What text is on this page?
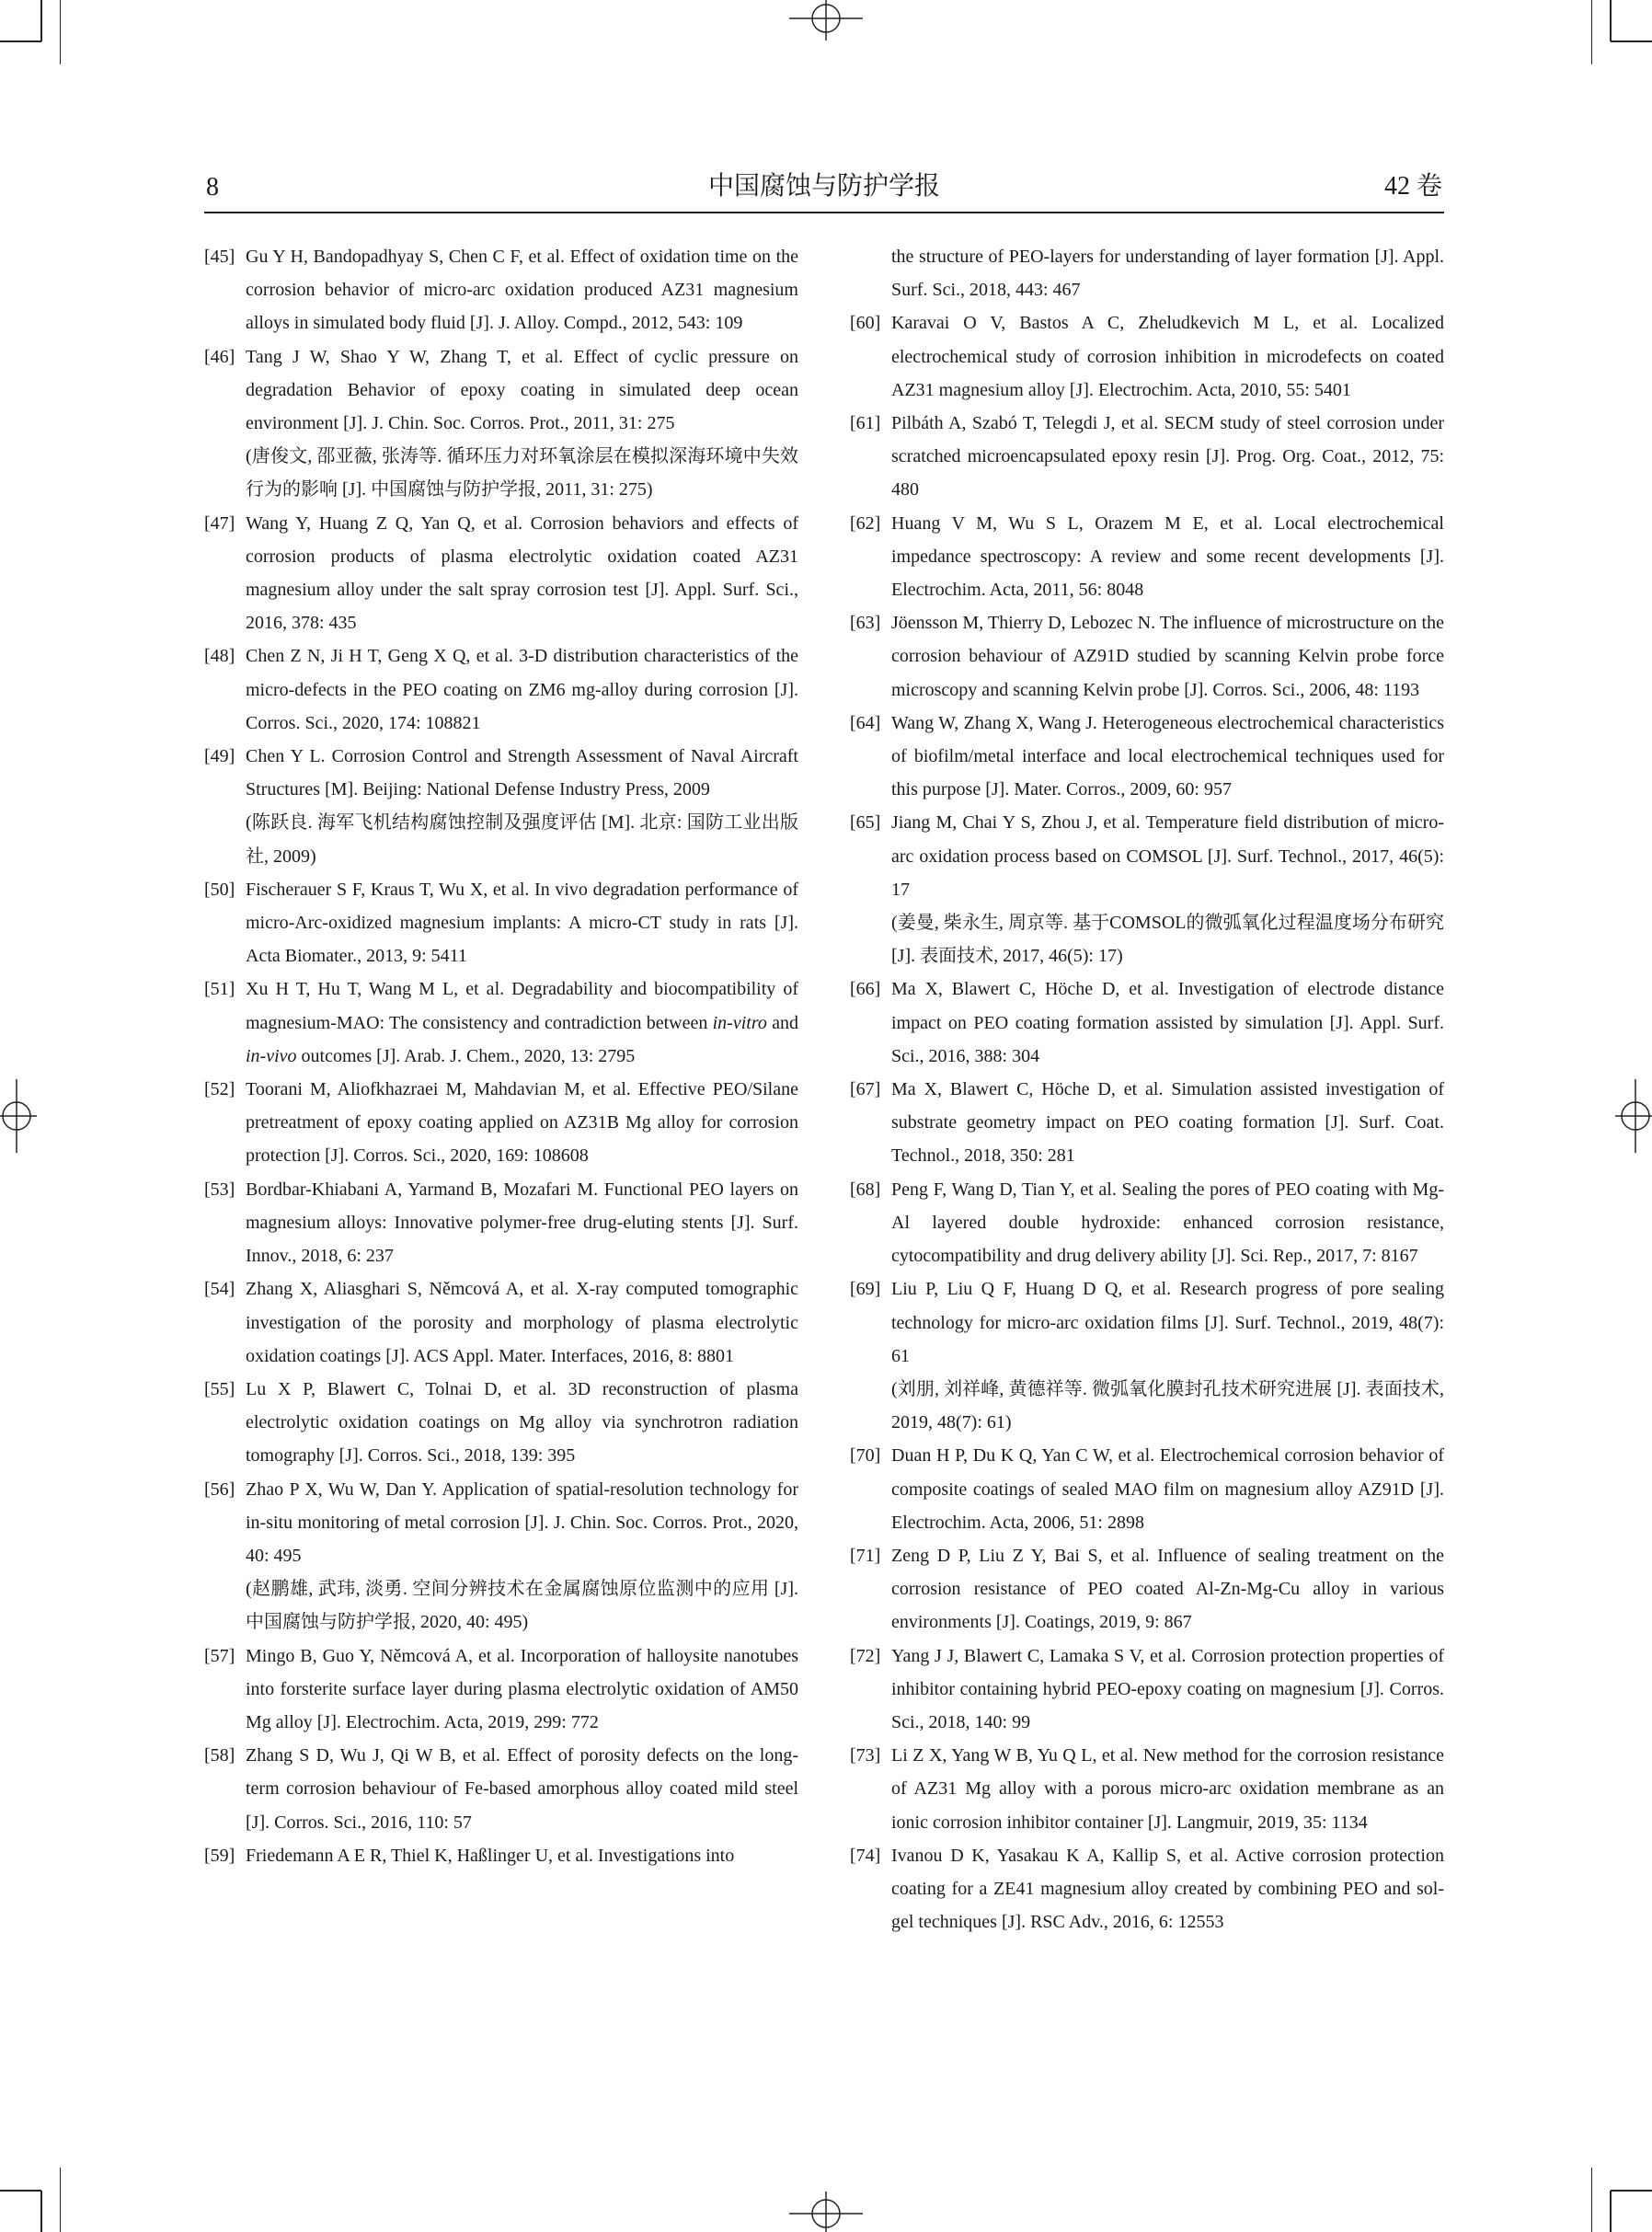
8	中国腐蚀与防护学报	42 卷
[45] Gu Y H, Bandopadhyay S, Chen C F, et al. Effect of oxidation time on the corrosion behavior of micro-arc oxidation produced AZ31 magnesium alloys in simulated body fluid [J]. J. Alloy. Compd., 2012, 543: 109
[46] Tang J W, Shao Y W, Zhang T, et al. Effect of cyclic pressure on degradation Behavior of epoxy coating in simulated deep ocean environment [J]. J. Chin. Soc. Corros. Prot., 2011, 31: 275
(唐俊文, 邵亚薇, 张涛等. 循环压力对环氧涂层在模拟深海环境中失效行为的影响 [J]. 中国腐蚀与防护学报, 2011, 31: 275)
[47] Wang Y, Huang Z Q, Yan Q, et al. Corrosion behaviors and effects of corrosion products of plasma electrolytic oxidation coated AZ31 magnesium alloy under the salt spray corrosion test [J]. Appl. Surf. Sci., 2016, 378: 435
[48] Chen Z N, Ji H T, Geng X Q, et al. 3-D distribution characteristics of the micro-defects in the PEO coating on ZM6 mg-alloy during corrosion [J]. Corros. Sci., 2020, 174: 108821
[49] Chen Y L. Corrosion Control and Strength Assessment of Naval Aircraft Structures [M]. Beijing: National Defense Industry Press, 2009
(陈跃良. 海军飞机结构腐蚀控制及强度评估 [M]. 北京: 国防工业出版社, 2009)
[50] Fischerauer S F, Kraus T, Wu X, et al. In vivo degradation performance of micro-Arc-oxidized magnesium implants: A micro-CT study in rats [J]. Acta Biomater., 2013, 9: 5411
[51] Xu H T, Hu T, Wang M L, et al. Degradability and biocompatibility of magnesium-MAO: The consistency and contradiction between in-vitro and in-vivo outcomes [J]. Arab. J. Chem., 2020, 13: 2795
[52] Toorani M, Aliofkhazraei M, Mahdavian M, et al. Effective PEO/Silane pretreatment of epoxy coating applied on AZ31B Mg alloy for corrosion protection [J]. Corros. Sci., 2020, 169: 108608
[53] Bordbar-Khiabani A, Yarmand B, Mozafari M. Functional PEO layers on magnesium alloys: Innovative polymer-free drug-eluting stents [J]. Surf. Innov., 2018, 6: 237
[54] Zhang X, Aliasghari S, Němcová A, et al. X-ray computed tomographic investigation of the porosity and morphology of plasma electrolytic oxidation coatings [J]. ACS Appl. Mater. Interfaces, 2016, 8: 8801
[55] Lu X P, Blawert C, Tolnai D, et al. 3D reconstruction of plasma electrolytic oxidation coatings on Mg alloy via synchrotron radiation tomography [J]. Corros. Sci., 2018, 139: 395
[56] Zhao P X, Wu W, Dan Y. Application of spatial-resolution technology for in-situ monitoring of metal corrosion [J]. J. Chin. Soc. Corros. Prot., 2020, 40: 495
(赵鹏雄, 武玮, 淡勇. 空间分辨技术在金属腐蚀原位监测中的应用 [J]. 中国腐蚀与防护学报, 2020, 40: 495)
[57] Mingo B, Guo Y, Němcová A, et al. Incorporation of halloysite nanotubes into forsterite surface layer during plasma electrolytic oxidation of AM50 Mg alloy [J]. Electrochim. Acta, 2019, 299: 772
[58] Zhang S D, Wu J, Qi W B, et al. Effect of porosity defects on the long-term corrosion behaviour of Fe-based amorphous alloy coated mild steel [J]. Corros. Sci., 2016, 110: 57
[59] Friedemann A E R, Thiel K, Haßlinger U, et al. Investigations into
the structure of PEO-layers for understanding of layer formation [J]. Appl. Surf. Sci., 2018, 443: 467
[60] Karavai O V, Bastos A C, Zheludkevich M L, et al. Localized electrochemical study of corrosion inhibition in microdefects on coated AZ31 magnesium alloy [J]. Electrochim. Acta, 2010, 55: 5401
[61] Pilbáth A, Szabó T, Telegdi J, et al. SECM study of steel corrosion under scratched microencapsulated epoxy resin [J]. Prog. Org. Coat., 2012, 75: 480
[62] Huang V M, Wu S L, Orazem M E, et al. Local electrochemical impedance spectroscopy: A review and some recent developments [J]. Electrochim. Acta, 2011, 56: 8048
[63] Jöensson M, Thierry D, Lebozec N. The influence of microstructure on the corrosion behaviour of AZ91D studied by scanning Kelvin probe force microscopy and scanning Kelvin probe [J]. Corros. Sci., 2006, 48: 1193
[64] Wang W, Zhang X, Wang J. Heterogeneous electrochemical characteristics of biofilm/metal interface and local electrochemical techniques used for this purpose [J]. Mater. Corros., 2009, 60: 957
[65] Jiang M, Chai Y S, Zhou J, et al. Temperature field distribution of micro-arc oxidation process based on COMSOL [J]. Surf. Technol., 2017, 46(5): 17
(姜曼, 柴永生, 周京等. 基于COMSOL的微弧氧化过程温度场分布研究 [J]. 表面技术, 2017, 46(5): 17)
[66] Ma X, Blawert C, Höche D, et al. Investigation of electrode distance impact on PEO coating formation assisted by simulation [J]. Appl. Surf. Sci., 2016, 388: 304
[67] Ma X, Blawert C, Höche D, et al. Simulation assisted investigation of substrate geometry impact on PEO coating formation [J]. Surf. Coat. Technol., 2018, 350: 281
[68] Peng F, Wang D, Tian Y, et al. Sealing the pores of PEO coating with Mg-Al layered double hydroxide: enhanced corrosion resistance, cytocompatibility and drug delivery ability [J]. Sci. Rep., 2017, 7: 8167
[69] Liu P, Liu Q F, Huang D Q, et al. Research progress of pore sealing technology for micro-arc oxidation films [J]. Surf. Technol., 2019, 48(7): 61
(刘朋, 刘祥峰, 黄德祥等. 微弧氧化膜封孔技术研究进展 [J]. 表面技术, 2019, 48(7): 61)
[70] Duan H P, Du K Q, Yan C W, et al. Electrochemical corrosion behavior of composite coatings of sealed MAO film on magnesium alloy AZ91D [J]. Electrochim. Acta, 2006, 51: 2898
[71] Zeng D P, Liu Z Y, Bai S, et al. Influence of sealing treatment on the corrosion resistance of PEO coated Al-Zn-Mg-Cu alloy in various environments [J]. Coatings, 2019, 9: 867
[72] Yang J J, Blawert C, Lamaka S V, et al. Corrosion protection properties of inhibitor containing hybrid PEO-epoxy coating on magnesium [J]. Corros. Sci., 2018, 140: 99
[73] Li Z X, Yang W B, Yu Q L, et al. New method for the corrosion resistance of AZ31 Mg alloy with a porous micro-arc oxidation membrane as an ionic corrosion inhibitor container [J]. Langmuir, 2019, 35: 1134
[74] Ivanou D K, Yasakau K A, Kallip S, et al. Active corrosion protection coating for a ZE41 magnesium alloy created by combining PEO and sol-gel techniques [J]. RSC Adv., 2016, 6: 12553
